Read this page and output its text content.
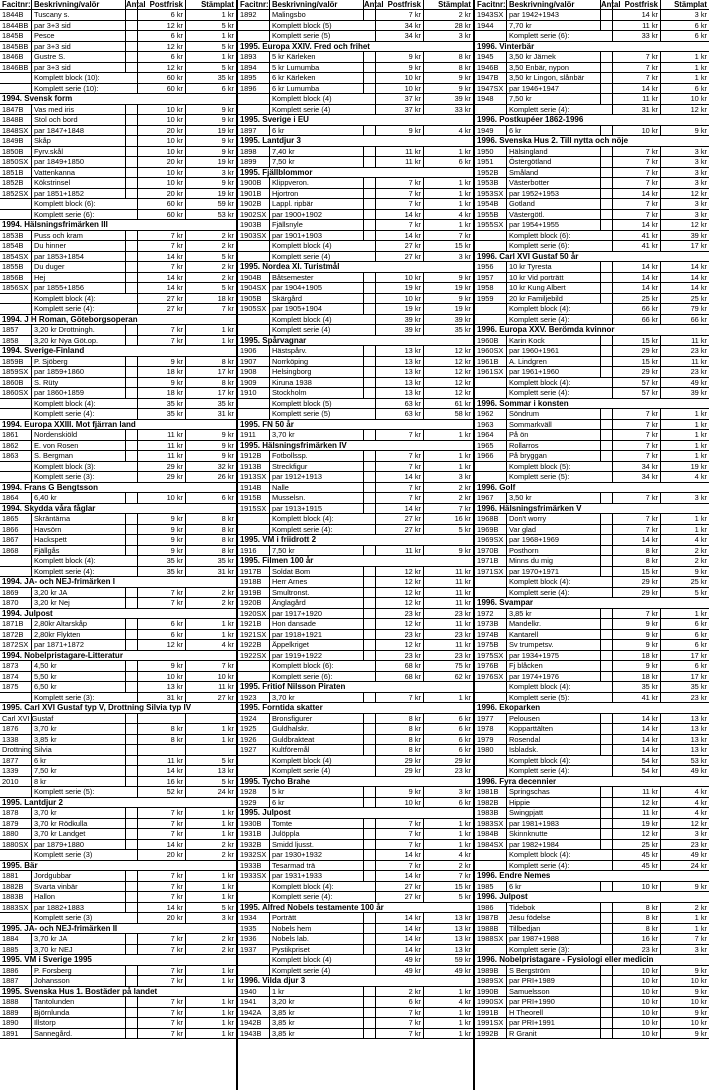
Facitnr: Beskrivning/valör	Antal Postfrisk	Stämplat
1844B	Tuscany s.	6 kr	1 kr
1844BB par 3+3 sid	12 kr	5 kr
1845B	Pesce	6 kr	1 kr
1845BB par 3+3 sid	12 kr	5 kr
1846B	Gustre S.	6 kr	1 kr
1846BB par 3+3 sid	12 kr	5 kr
Komplett block (10):	60 kr	35 kr
Komplett serie (10):	60 kr	6 kr
1994. Svensk form
1847B	Vas med iris	10 kr	9 kr
1848B	Stol och bord	10 kr	9 kr
1848SX par 1847+1848	20 kr	19 kr
1849B	Skåp	10 kr	9 kr
1850B	Fyrv.skål	10 kr	9 kr
1850SX par 1849+1850	20 kr	19 kr
1851B	Vattenkanna	10 kr	3 kr
1852B	Kökstrinsel	10 kr	9 kr
1852SX par 1851+1852	20 kr	19 kr
Komplett block (6):	60 kr	59 kr
Komplett serie (6):	60 kr	53 kr
1994. Hälsningsfrimärken III
1853B	Puss och kram	7 kr	2 kr
1854B	Du hinner	7 kr	2 kr
1854SX par 1853+1854	14 kr	5 kr
1855B	Du duger	7 kr	2 kr
1856B	Hej	14 kr	2 kr
1856SX par 1855+1856	14 kr	5 kr
Komplett block (4):	27 kr	18 kr
Komplett serie (4):	27 kr	7 kr
1994. J H Roman, Göteborgsoperan
1857	3,20 kr Drottningh.	7 kr	1 kr
1858	3,20 kr Nya Göt.op.	7 kr	1 kr
1994. Sverige-Finland
1859B	P. Sjöberg	9 kr	8 kr
1859SX par 1859+1860	18 kr	17 kr
1860B	S. Rüty	9 kr	8 kr
1860SX par 1860+1859	18 kr	17 kr
Komplett block (4):	35 kr	35 kr
Komplett serie (4):	35 kr	31 kr
1994. Europa XXIII. Mot fjärran land
1861	Nordenskiöld	11 kr	9 kr
1862	E. von Rosen	11 kr	9 kr
1863	S. Bergman	11 kr	9 kr
Komplett block (3):	29 kr	32 kr
Komplett serie (3):	29 kr	26 kr
1994. Frans G Bengtsson
1864	6,40 kr	10 kr	6 kr
1994. Skydda våra fåglar
1865	Skräntärna	9 kr	8 kr
1866	Havsörn	9 kr	8 kr
1867	Hackspett	9 kr	8 kr
1868	Fjällgås	9 kr	8 kr
Komplett block (4):	35 kr	35 kr
Komplett serie (4):	35 kr	31 kr
1994. JA- och NEJ-frimärken I
1869	3,20 kr JA	7 kr	2 kr
1870	3,20 kr Nej	7 kr	2 kr
1994. Julpost
1871B	2,80kr Altarskåp	6 kr	1 kr
1872B	2,80kr Flykten	6 kr	1 kr
1872SX par 1871+1872	12 kr	4 kr
1994. Nobelpristagare-Litteratur
1873	4,50 kr	9 kr	7 kr
1874	5,50 kr	10 kr	10 kr
1875	6,50 kr	13 kr	11 kr
Komplett serie (3):	31 kr	27 kr
1995. Carl XVI Gustaf typ V, Drottning Silvia typ IV
Carl XVI Gustaf
1876	3,70 kr	8 kr	1 kr
1338	3,85 kr	8 kr	1 kr
Drottning Silvia
1877	6 kr	11 kr	5 kr
1339	7,50 kr	14 kr	13 kr
2010	8 kr	16 kr	5 kr
Komplett serie (5):	52 kr	24 kr
1995. Lantdjur 2
1878	3,70 kr	7 kr	1 kr
1879	3,70 kr Rödkulla	7 kr	1 kr
1880	3,70 kr Landget	7 kr	1 kr
1880SX par 1879+1880	14 kr	2 kr
Komplett serie (3)	20 kr	2 kr
1995. Bär
1881	Jordgubbar	7 kr	1 kr
1882B	Svarta vinbär	7 kr	1 kr
1883B	Hallon	7 kr	1 kr
1883SX par 1882+1883	14 kr	5 kr
Komplett serie (3)	20 kr	3 kr
1995. JA- och NEJ-frimärken II
1884	3,70 kr JA	7 kr	2 kr
1885	3,70 kr NEJ	7 kr	2 kr
1995. VM i Sverige 1995
1886	P. Forsberg	7 kr	1 kr
1887	Johansson	7 kr	1 kr
1995. Svenska Hus 1. Bostäder på landet
1888	Tantolunden	7 kr	1 kr
1889	Björnlunda	7 kr	1 kr
1890	Illstorp	7 kr	1 kr
1891	Sannegård.	7 kr	1 kr
Facitnr: Beskrivning/valör	Antal Postfrisk	Stämplat
1892	Malingsbo	7 kr	2 kr
Komplett block (5)	34 kr	28 kr
Komplett serie (5)	34 kr	3 kr
1995. Europa XXIV. Fred och frihet
1893	5 kr Kärleken	9 kr	8 kr
1894	5 kr Lumumba	9 kr	8 kr
1895	6 kr Kärleken	10 kr	9 kr
1896	6 kr Lumumba	10 kr	9 kr
Komplett block (4)	37 kr	39 kr
Komplett serie (4)	37 kr	33 kr
1995. Sverige i EU
1897	6 kr	9 kr	4 kr
1995. Lantdjur 3
1898	7,40 kr	11 kr	1 kr
1899	7,50 kr	11 kr	6 kr
1995. Fjällblommor
1900B	Klippveron.	7 kr	1 kr
1901B	Hjortron	7 kr	1 kr
1902B	Lappl. ripbär	7 kr	1 kr
1902SX par 1900+1902	14 kr	4 kr
1903B	Fjällsnyle	7 kr	1 kr
1903SX par 1901+1903	14 kr	7 kr
Komplett block (4)	27 kr	15 kr
Komplett serie (4)	27 kr	3 kr
1995. Nordea XI. Turistmål
1904B	Båtsemester	10 kr	9 kr
1904SX par 1904+1905	19 kr	19 kr
1905B	Skärgård	10 kr	9 kr
1905SX par 1905+1904	19 kr	19 kr
Komplett block (4)	39 kr	39 kr
Komplett serie (4)	39 kr	35 kr
1995. Spårvagnar
1906	Hästspårv.	13 kr	12 kr
1907	Norrköping	13 kr	12 kr
1908	Helsingborg	13 kr	12 kr
1909	Kiruna 1938	13 kr	12 kr
1910	Stockholm	13 kr	12 kr
Komplett block (5)	63 kr	61 kr
Komplett serie (5)	63 kr	58 kr
1995. FN 50 år
1911	3,70 kr	7 kr	1 kr
1995. Hälsningsfrimärken IV
1912B	Fotbollssp.	7 kr	1 kr
1913B	Streckfigur	7 kr	1 kr
1913SX par 1912+1913	14 kr	3 kr
1914B	Nalle	7 kr	2 kr
1915B	Musselsn.	7 kr	2 kr
1915SX par 1913+1915	14 kr	7 kr
Komplett block (4):	27 kr	16 kr
Komplett serie (4):	27 kr	5 kr
1995. VM i friidrott 2
1916	7,50 kr	11 kr	9 kr
1995. Filmen 100 år
1917B	Soldat Bom	12 kr	11 kr
1918B	Herr Arnes	12 kr	11 kr
1919B	Smultronst.	12 kr	11 kr
1920B	Änglagård	12 kr	11 kr
1920SX par 1917+1920	23 kr	23 kr
1921B	Hon dansade	12 kr	11 kr
1921SX par 1918+1921	23 kr	23 kr
1922B	Äppelkriget	12 kr	11 kr
1922SX par 1919+1922	23 kr	23 kr
Komplett block (6):	68 kr	75 kr
Komplett serie (6):	68 kr	62 kr
1995. Fritiof Nilsson Piraten
1923	3,70 kr	7 kr	1 kr
1995. Forntida skatter
1924	Bronsfigurer	8 kr	6 kr
1925	Guldhalskr.	8 kr	6 kr
1926	Guldbrakteat	8 kr	6 kr
1927	Kultföremål	8 kr	6 kr
Komplett block (4)	29 kr	29 kr
Komplett serie (4)	29 kr	23 kr
1995. Tycho Brahe
1928	5 kr	9 kr	3 kr
1929	6 kr	10 kr	6 kr
1995. Julpost
1930B	Tomte	7 kr	1 kr
1931B	Julöppla	7 kr	1 kr
1932B	Smidd ljusst.	7 kr	1 kr
1932SX par 1930+1932	14 kr	4 kr
1933B	Tesarmad trä	7 kr	2 kr
1933SX par 1931+1933	14 kr	7 kr
Komplett block (4):	27 kr	15 kr
Komplett serie (4):	27 kr	5 kr
1995. Alfred Nobels testamente 100 år
1934	Porträtt	14 kr	13 kr
1935	Nobels hem	14 kr	13 kr
1936	Nobels lab.	14 kr	13 kr
1937	Pystikpriset	14 kr	13 kr
Komplett block (4)	49 kr	59 kr
Komplett serie (4)	49 kr	49 kr
1996. Vilda djur 3
1940	1 kr	2 kr	1 kr
1941	3,20 kr	6 kr	4 kr
1942A	3,85 kr	7 kr	1 kr
1942B	3,85 kr	7 kr	1 kr
1943B	3,85 kr	7 kr	1 kr
Facitnr: Beskrivning/valör	Antal Postfrisk	Stämplat
1943SX par 1942+1943	14 kr	3 kr
1944	7,70 kr	11 kr	6 kr
Komplett serie (6):	33 kr	6 kr
1996. Vinterbär
1945	3,50 kr Järnek	7 kr	1 kr
1946B	3,50 Enbär, nypon	7 kr	1 kr
1947B	3,50 kr Lingon, slånbär	7 kr	1 kr
1947SX par 1946+1947	14 kr	6 kr
1948	7,50 kr	11 kr	10 kr
Komplett serie (4):	31 kr	12 kr
1996. Postkupéer 1862-1996
1949	6 kr	10 kr	9 kr
1996. Svenska Hus 2. Till nytta och nöje
1950	Hälsingland	7 kr	3 kr
1951	Östergötland	7 kr	3 kr
1952B	Småland	7 kr	3 kr
1953B	Västerbotter	7 kr	3 kr
1953SX par 1952+1953	14 kr	12 kr
1954B	Gotland	7 kr	3 kr
1955B	Västergötl.	7 kr	3 kr
1955SX par 1954+1955	14 kr	12 kr
Komplett block (6):	41 kr	39 kr
Komplett serie (6):	41 kr	17 kr
1996. Carl XVI Gustaf 50 år
1956	10 kr Tyresta	14 kr	14 kr
1957	10 kr Vid porträtt	14 kr	14 kr
1958	10 kr Kung Albert	14 kr	14 kr
1959	20 kr Familjebild	25 kr	25 kr
Komplett block (4):	66 kr	79 kr
Komplett serie (4):	66 kr	66 kr
1996. Europa XXV. Berömda kvinnor
1960B	Karin Kock	15 kr	11 kr
1960SX par 1960+1961	29 kr	23 kr
1961B	A. Lindgren	15 kr	11 kr
1961SX par 1961+1960	29 kr	23 kr
Komplett block (4):	57 kr	49 kr
Komplett serie (4):	57 kr	39 kr
1996. Sommar i konsten
1962	Söndrum	7 kr	1 kr
1963	Sommarkväll	7 kr	1 kr
1964	På ön	7 kr	1 kr
1965	Rollarros	7 kr	1 kr
1966	På bryggan	7 kr	1 kr
Komplett block (5):	34 kr	19 kr
Komplett serie (5):	34 kr	4 kr
1996. Golf
1967	3,50 kr	7 kr	3 kr
1996. Hälsningsfrimärken V
1968B	Don't worry	7 kr	1 kr
1969B	Var glad	7 kr	1 kr
1969SX par 1968+1969	14 kr	4 kr
1970B	Posthorn	8 kr	2 kr
1971B	Minns du mig	8 kr	2 kr
1971SX par 1970+1971	15 kr	9 kr
Komplett block (4):	29 kr	25 kr
Komplett serie (4):	29 kr	5 kr
1996. Svampar
1972	3,85 kr	7 kr	1 kr
1973B	Mandelkr.	9 kr	6 kr
1974B	Kantarell	9 kr	6 kr
1975B	Sv trumpetsv.	9 kr	6 kr
1975SX par 1934+1975	18 kr	17 kr
1976B	Fj blåcken	9 kr	6 kr
1976SX par 1974+1976	18 kr	17 kr
Komplett block (4):	35 kr	35 kr
Komplett serie (5):	41 kr	23 kr
1996. Ekoparken
1977	Pelousen	14 kr	13 kr
1978	Kopparttälten	14 kr	13 kr
1979	Rosendal	14 kr	13 kr
1980	Isbladsk.	14 kr	13 kr
Komplett block (4):	54 kr	53 kr
Komplett serie (4):	54 kr	49 kr
1996. Fyra decennier
1981B	Springschas	11 kr	4 kr
1982B	Hippie	12 kr	4 kr
1983B	Swingpjatt	11 kr	4 kr
1983SX par 1981+1983	19 kr	12 kr
1984B	Skinnknutte	12 kr	3 kr
1984SX par 1982+1984	25 kr	23 kr
Komplett block (4):	45 kr	49 kr
Komplett serie (4):	45 kr	24 kr
1996. Endre Nemes
1985	6 kr	10 kr	9 kr
1996. Julpost
1986	Tidebok	8 kr	2 kr
1987B	Jesu födelse	8 kr	1 kr
1988B	Tillbedjan	8 kr	1 kr
1988SX par 1987+1988	16 kr	7 kr
Komplett serie (3):	23 kr	3 kr
1996. Nobelpristagare - Fysiologi eller medicin
1989B	S Bergström	10 kr	9 kr
1989SX par PRI+1989	10 kr	10 kr
1990B	Samuelsson	10 kr	9 kr
1990SX par PRI+1990	10 kr	10 kr
1991B	H Theorell	10 kr	9 kr
1991SX par PRI+1991	10 kr	10 kr
1992B	R Granit	10 kr	9 kr
